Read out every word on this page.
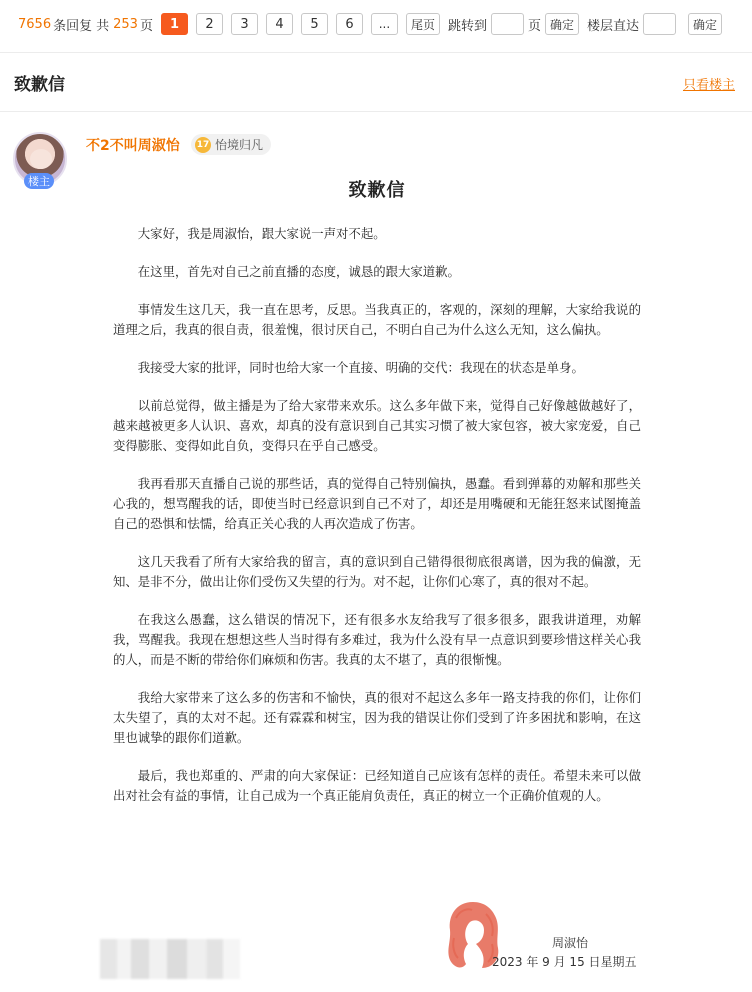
7656 条回复 共 253 页	1	2	3	4	5	6	...	尾页	跳转到	页 确定	楼层直达	确定
致歉信	只看楼主
楼主
不2不叫周淑怡 17 怡境归凡
致歉信

大家好，我是周淑怡，跟大家说一声对不起。

在这里，首先对自己之前直播的态度，诚恳的跟大家道歉。

事情发生这几天，我一直在思考，反思。当我真正的，客观的，深刻的理解，大家给我说的道理之后，我真的很自责，很羞愧，很讨厌自己，不明白自己为什么这么无知，这么偏执。

我接受大家的批评，同时也给大家一个直接、明确的交代：我现在的状态是单身。

以前总觉得，做主播是为了给大家带来欢乐。这么多年做下来，觉得自己好像越做越好了，越来越被更多人认识、喜欢，却真的没有意识到自己其实习惯了被大家包容，被大家宠爱，自己变得膨胀、变得如此自负，变得只在乎自己感受。

我再看那天直播自己说的那些话，真的觉得自己特别偏执，愚蠢。看到弹幕的劝解和那些关心我的，想骂醒我的话，即使当时已经意识到自己不对了，却还是用嘴硬和无能狂怒来试图掩盖自己的恐惧和怯懦，给真正关心我的人再次造成了伤害。

这几天我看了所有大家给我的留言，真的意识到自己错得很彻底很离谱，因为我的偏激，无知、是非不分，做出让你们受伤又失望的行为。对不起，让你们心寒了，真的很对不起。

在我这么愚蠢，这么错误的情况下，还有很多水友给我写了很多很多，跟我讲道理，劝解我，骂醒我。我现在想想这些人当时得有多难过，我为什么没有早一点意识到要珍惜这样关心我的人，而是不断的带给你们麻烦和伤害。我真的太不堪了，真的很惭愧。

我给大家带来了这么多的伤害和不愉快，真的很对不起这么多年一路支持我的你们，让你们太失望了，真的太对不起。还有霖霖和树宝，因为我的错误让你们受到了许多困扰和影响，在这里也诚挚的跟你们道歉。

最后，我也郑重的、严肃的向大家保证：已经知道自己应该有怎样的责任。希望未来可以做出对社会有益的事情，让自己成为一个真正能肩负责任，真正的树立一个正确价值观的人。

周淑怡
2023 年 9 月 15 日星期五
